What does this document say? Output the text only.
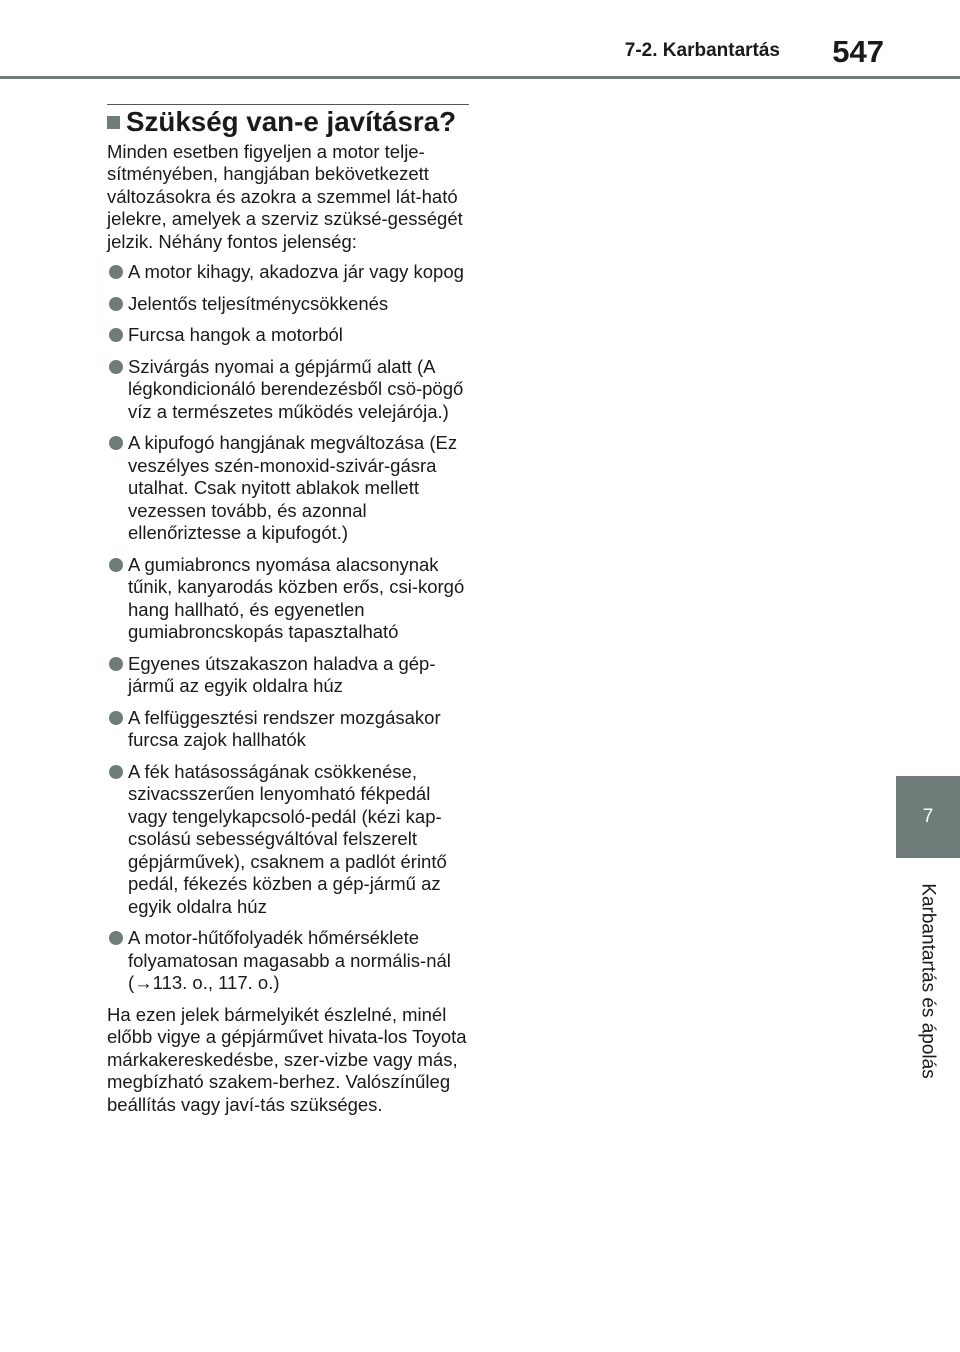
7-2. Karbantartás 547
7
Karbantartás és ápolás
Szükség van-e javításra?

Minden esetben figyeljen a motor telje-sítményében, hangjában bekövetkezett változásokra és azokra a szemmel lát-ható jelekre, amelyek a szerviz szüksé-gességét jelzik. Néhány fontos jelenség:

A motor kihagy, akadozva jár vagy kopog
Jelentős teljesítménycsökkenés
Furcsa hangok a motorból
Szivárgás nyomai a gépjármű alatt (A légkondicionáló berendezésből csö-pögő víz a természetes működés velejárója.)
A kipufogó hangjának megváltozása (Ez veszélyes szén-monoxid-szivár-gásra utalhat. Csak nyitott ablakok mellett vezessen tovább, és azonnal ellenőriztesse a kipufogót.)
A gumiabroncs nyomása alacsonynak tűnik, kanyarodás közben erős, csi-korgó hang hallható, és egyenetlen gumiabroncskopás tapasztalható
Egyenes útszakaszon haladva a gép-jármű az egyik oldalra húz
A felfüggesztési rendszer mozgásakor furcsa zajok hallhatók
A fék hatásosságának csökkenése, szivacsszerűen lenyomható fékpedál vagy tengelykapcsoló-pedál (kézi kap-csolású sebességváltóval felszerelt gépjárművek), csaknem a padlót érintő pedál, fékezés közben a gép-jármű az egyik oldalra húz
A motor-hűtőfolyadék hőmérséklete folyamatosan magasabb a normális-nál (→113. o., 117. o.)

Ha ezen jelek bármelyikét észlelné, minél előbb vigye a gépjárművet hivata-los Toyota márkakereskedésbe, szer-vizbe vagy más, megbízható szakem-berhez. Valószínűleg beállítás vagy javí-tás szükséges.
